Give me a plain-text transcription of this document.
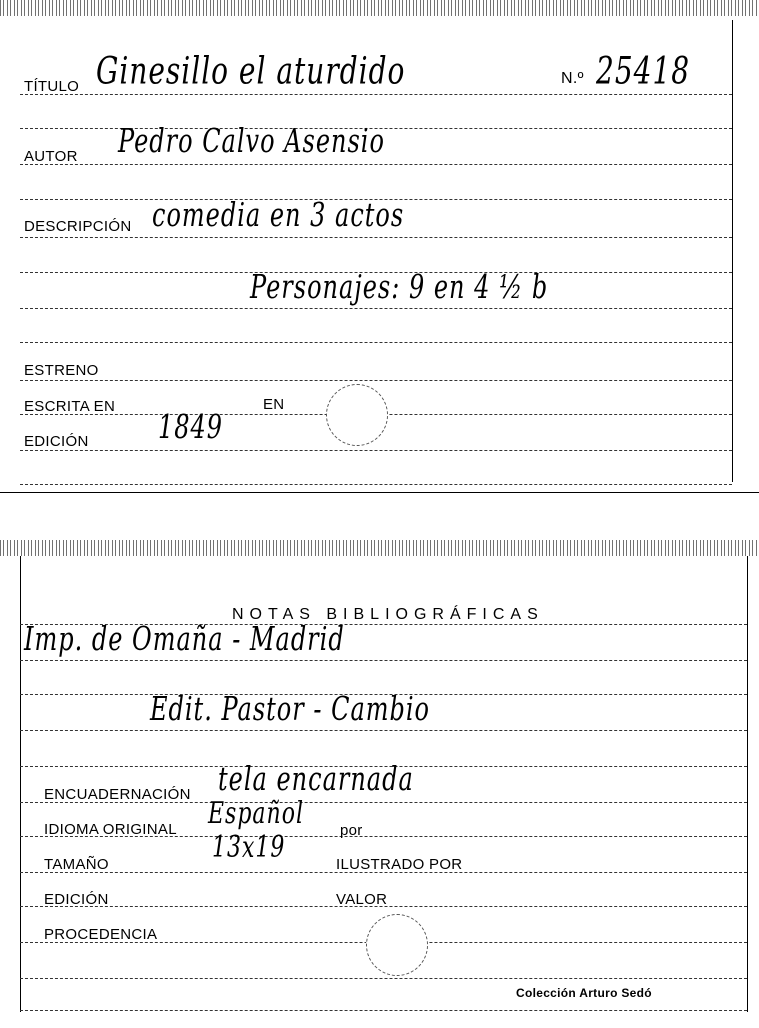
TÍTULO Ginesillo el aturdido	N.º 25418
AUTOR Pedro Calvo Asensio
DESCRIPCIÓN comedia en 3 actos
Personajes: 9 en 4 ½ b
ESTRENO
ESCRITA EN	EN
EDICIÓN	1849
NOTAS BIBLIOGRÁFICAS
Imp. de Omaña - Madrid
Edit. Pastor - Cambio
ENCUADERNACIÓN tela encarnada
IDIOMA ORIGINAL Español por
TAMAÑO	13x19	ILUSTRADO POR
EDICIÓN	VALOR
PROCEDENCIA
Colección Arturo Sedó
